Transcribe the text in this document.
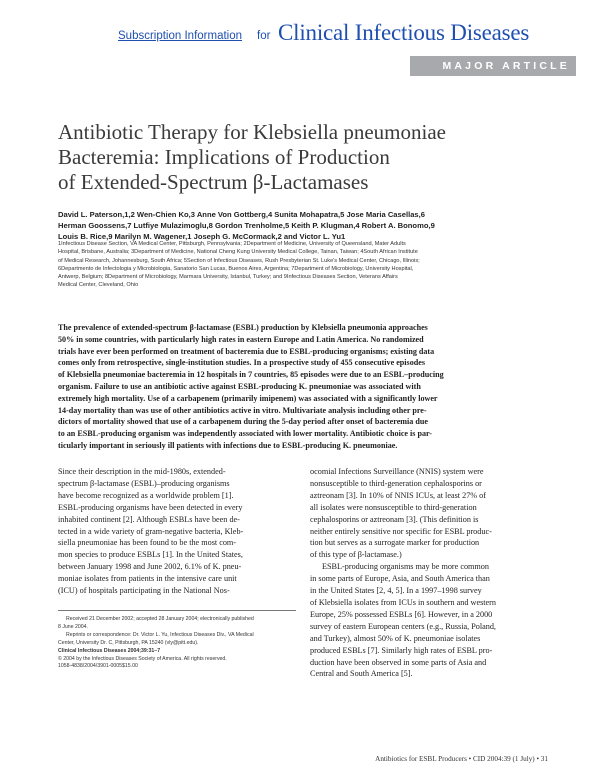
Subscription Information for Clinical Infectious Diseases
MAJOR ARTICLE
Antibiotic Therapy for Klebsiella pneumoniae
Bacteremia: Implications of Production
of Extended-Spectrum β-Lactamases
David L. Paterson,1,2 Wen-Chien Ko,3 Anne Von Gottberg,4 Sunita Mohapatra,5 Jose Maria Casellas,6
Herman Goossens,7 Lutfiye Mulazimoglu,8 Gordon Trenholme,5 Keith P. Klugman,4 Robert A. Bonomo,9
Louis B. Rice,9 Marilyn M. Wagener,1 Joseph G. McCormack,2 and Victor L. Yu1
1Infectious Disease Section, VA Medical Center, Pittsburgh, Pennsylvania; 2Department of Medicine, University of Queensland, Mater Adults
Hospital, Brisbane, Australia; 3Department of Medicine, National Cheng Kung University Medical College, Tainan, Taiwan; 4South African Institute
of Medical Research, Johannesburg, South Africa; 5Section of Infectious Diseases, Rush Presbyterian St. Luke's Medical Center, Chicago, Illinois;
6Departmento de Infectologia y Microbiologia, Sanatorio San Lucas, Buenos Aires, Argentina; 7Department of Microbiology, University Hospital,
Antwerp, Belgium; 8Department of Microbiology, Marmara University, Istanbul, Turkey; and 9Infectious Diseases Section, Veterans Affairs
Medical Center, Cleveland, Ohio
The prevalence of extended-spectrum β-lactamase (ESBL) production by Klebsiella pneumonia approaches
50% in some countries, with particularly high rates in eastern Europe and Latin America. No randomized
trials have ever been performed on treatment of bacteremia due to ESBL-producing organisms; existing data
comes only from retrospective, single-institution studies. In a prospective study of 455 consecutive episodes
of Klebsiella pneumoniae bacteremia in 12 hospitals in 7 countries, 85 episodes were due to an ESBL–producing
organism. Failure to use an antibiotic active against ESBL-producing K. pneumoniae was associated with
extremely high mortality. Use of a carbapenem (primarily imipenem) was associated with a significantly lower
14-day mortality than was use of other antibiotics active in vitro. Multivariate analysis including other pre-
dictors of mortality showed that use of a carbapenem during the 5-day period after onset of bacteremia due
to an ESBL-producing organism was independently associated with lower mortality. Antibiotic choice is par-
ticularly important in seriously ill patients with infections due to ESBL-producing K. pneumoniae.
Since their description in the mid-1980s, extended-
spectrum β-lactamase (ESBL)–producing organisms
have become recognized as a worldwide problem [1].
ESBL-producing organisms have been detected in every
inhabited continent [2]. Although ESBLs have been de-
tected in a wide variety of gram-negative bacteria, Kleb-
siella pneumoniae has been found to be the most com-
mon species to produce ESBLs [1]. In the United States,
between January 1998 and June 2002, 6.1% of K. pneu-
moniae isolates from patients in the intensive care unit
(ICU) of hospitals participating in the National Nos-
ocomial Infections Surveillance (NNIS) system were
nonsusceptible to third-generation cephalosporins or
aztreonam [3]. In 10% of NNIS ICUs, at least 27% of
all isolates were nonsusceptible to third-generation
cephalosporins or aztreonam [3]. (This definition is
neither entirely sensitive nor specific for ESBL produc-
tion but serves as a surrogate marker for production
of this type of β-lactamase.)
ESBL-producing organisms may be more common
in some parts of Europe, Asia, and South America than
in the United States [2, 4, 5]. In a 1997–1998 survey
of Klebsiella isolates from ICUs in southern and western
Europe, 25% possessed ESBLs [6]. However, in a 2000
survey of eastern European centers (e.g., Russia, Poland,
and Turkey), almost 50% of K. pneumoniae isolates
produced ESBLs [7]. Similarly high rates of ESBL pro-
duction have been observed in some parts of Asia and
Central and South America [5].
Received 21 December 2002; accepted 28 January 2004; electronically published
8 June 2004.
Reprints or correspondence: Dr. Victor L. Yu, Infectious Diseases Div., VA Medical
Center, University Dr. C, Pittsburgh, PA 15240 (vly@pitt.edu).
Clinical Infectious Diseases 2004;39:31–7
© 2004 by the Infectious Diseases Society of America. All rights reserved.
1058-4838/2004/3901-0005$15.00
Antibiotics for ESBL Producers • CID 2004:39 (1 July) • 31
